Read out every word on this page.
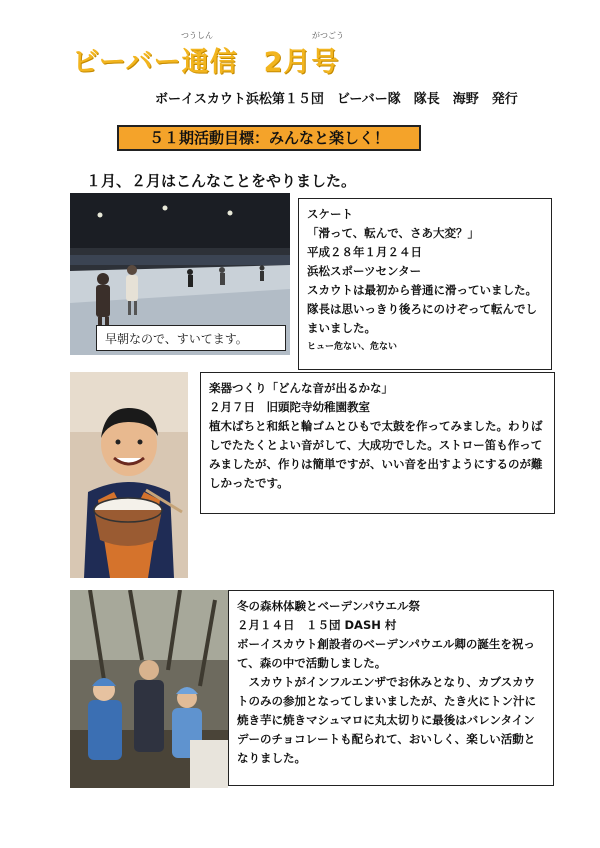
つうしん	がつごう
ビーバー通信 2月号
ボーイスカウト浜松第１５団　ビーバー隊　隊長　海野　発行
５１期活動目標：みんなと楽しく！
１月、２月はこんなことをやりました。
早朝なので、すいてます。

スケート

「滑って、転んで、さあ大変？」

平成２８年１月２４日

浜松スポーツセンター

スカウトは最初から普通に滑っていました。隊長は思いっきり後ろにのけぞって転んでしまいました。

ヒュー危ない、危ない

楽器つくり「どんな音が出るかな」

２月７日　旧頭陀寺幼稚園教室

植木ばちと和紙と輪ゴムとひもで太鼓を作ってみました。わりばしでたたくとよい音がして、大成功でした。ストロー笛も作ってみましたが、作りは簡単ですが、いい音を出すようにするのが難しかったです。

冬の森林体験とベーデンパウエル祭

２月１４日　１５団 DASH 村

ボーイスカウト創設者のベーデンパウエル卿の誕生を祝って、森の中で活動しました。

スカウトがインフルエンザでお休みとなり、カブスカウトのみの参加となってしまいましたが、たき火にトン汁に焼き芋に焼きマシュマロに丸太切りに最後はバレンタインデーのチョコレートも配られて、おいしく、楽しい活動となりました。
